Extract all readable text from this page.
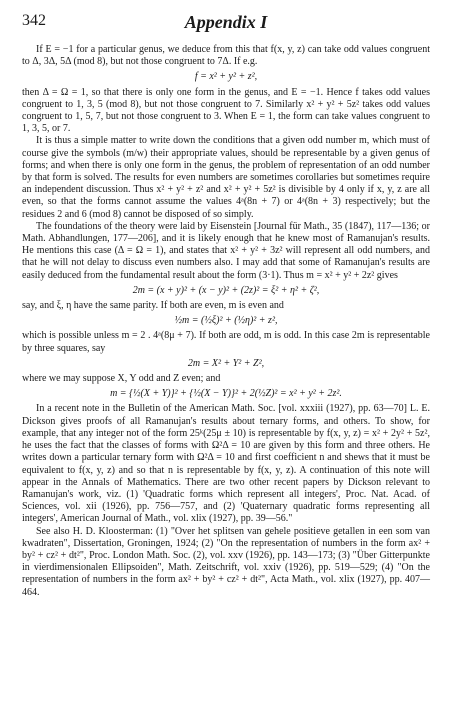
342	Appendix I

If E = −1 for a particular genus, we deduce from this that f(x, y, z) can take odd values congruent to Δ, 3Δ, 5Δ (mod 8), but not those congruent to 7Δ. If e.g.

f = x² + y² + z²,

then Δ = Ω = 1, so that there is only one form in the genus, and E = −1. Hence f takes odd values congruent to 1, 3, 5 (mod 8), but not those congruent to 7. Similarly x² + y² + 5z² takes odd values congruent to 1, 5, 7, but not those congruent to 3. When E = 1, the form can take values congruent to 1, 3, 5, or 7.

It is thus a simple matter to write down the conditions that a given odd number m, which must of course give the symbols (m/w) their appropriate values, should be representable by a given genus of forms; and when there is only one form in the genus, the problem of representation of an odd number by that form is solved. The results for even numbers are sometimes corollaries but sometimes require an independent discussion. Thus x² + y² + z² and x² + y² + 5z² is divisible by 4 only if x, y, z are all even, so that the forms cannot assume the values 4ᵃ(8n + 7) or 4ᵃ(8n + 3) respectively; but the residues 2 and 6 (mod 8) cannot be disposed of so simply.

The foundations of the theory were laid by Eisenstein [Journal für Math., 35 (1847), 117—136; or Math. Abhandlungen, 177—206], and it is likely enough that he knew most of Ramanujan's results. He mentions this case (Δ = Ω = 1), and states that x² + y² + 3z² will represent all odd numbers, and that he will not delay to discuss even numbers also. I may add that some of Ramanujan's results are easily deduced from the fundamental result about the form (3·1). Thus m = x² + y² + 2z² gives

2m = (x + y)² + (x − y)² + (2z)² = ξ² + η² + ζ²,

say, and ξ, η have the same parity. If both are even, m is even and

½m = (½ξ)² + (½η)² + z²,

which is possible unless m = 2 . 4ᵃ(8μ + 7). If both are odd, m is odd. In this case 2m is representable by three squares, say

2m = X² + Y² + Z²,

where we may suppose X, Y odd and Z even; and

m = {½(X + Y)}² + {½(X − Y)}² + 2(½Z)² = x² + y² + 2z².

In a recent note in the Bulletin of the American Math. Soc. [vol. xxxiii (1927), pp. 63—70] L. E. Dickson gives proofs of all Ramanujan's results about ternary forms, and others. To show, for example, that any integer not of the form 25ᵏ(25μ ± 10) is representable by f(x, y, z) = x² + 2y² + 5z², he uses the fact that the classes of forms with Ω²Δ = 10 are given by this form and three others. He writes down a particular ternary form with Ω²Δ = 10 and first coefficient n and shews that it must be equivalent to f(x, y, z) and so that n is representable by f(x, y, z). A continuation of this note will appear in the Annals of Mathematics. There are two other recent papers by Dickson relevant to Ramanujan's work, viz. (1) 'Quadratic forms which represent all integers', Proc. Nat. Acad. of Sciences, vol. xii (1926), pp. 756—757, and (2) 'Quaternary quadratic forms representing all integers', American Journal of Math., vol. xlix (1927), pp. 39—56."

See also H. D. Kloosterman: (1) "Over het splitsen van gehele positieve getallen in een som van kwadraten", Dissertation, Groningen, 1924; (2) "On the representation of numbers in the form ax² + by² + cz² + dt²", Proc. London Math. Soc. (2), vol. xxv (1926), pp. 143—173; (3) "Über Gitterpunkte in vierdimensionalen Ellipsoiden", Math. Zeitschrift, vol. xxiv (1926), pp. 519—529; (4) "On the representation of numbers in the form ax² + by² + cz² + dt²", Acta Math., vol. xlix (1927), pp. 407—464.
